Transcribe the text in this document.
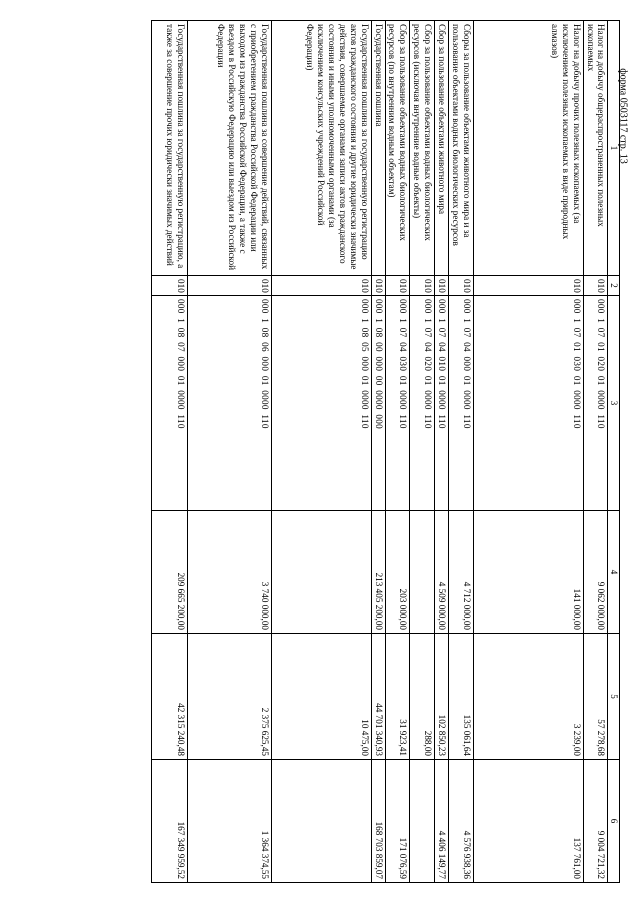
форма 0503117 стр. 13
1	2	3	4	5	6
Налог на добычу общераспространенных полезных ископаемых	010	000 1 07 01 020 01 0000 110	9 062 000,00	57 278,68	9 004 721,32
Налог на добычу прочих полезных ископаемых (за исключением полезных ископаемых в виде природных алмазов)	010	000 1 07 01 030 01 0000 110	141 000,00	3 239,00	137 761,00
Сборы за пользование объектами животного мира и за пользование объектами водных биологических ресурсов	010	000 1 07 04 000 01 0000 110	4 712 000,00	135 061,64	4 576 938,36
Сбор за пользование объектами животного мира	010	000 1 07 04 010 01 0000 110	4 509 000,00	102 850,23	4 406 149,77
Сбор за пользование объектами водных биологических ресурсов (исключая внутренние водные объекты)	010	000 1 07 04 020 01 0000 110		288,00	
Сбор за пользование объектами водных биологических ресурсов (по внутренним водным объектам)	010	000 1 07 04 030 01 0000 110	203 000,00	31 923,41	171 076,59
Государственная пошлина	010	000 1 08 00 000 00 0000 000	213 405 200,00	44 701 340,93	168 703 859,07
Государственная пошлина за государственную регистрацию актов гражданского состояния и другие юридически значимые действия, совершаемые органами записи актов гражданского состояния и иными уполномоченными органами (за исключением консульских учреждений Российской Федерации)	010	000 1 08 05 000 01 0000 110		10 475,00	
Государственная пошлина за совершение действий, связанных с приобретением гражданства Российской Федерации или выходом из гражданства Российской Федерации, а также с въездом в Российскую Федерацию или выездом из Российской Федерации	010	000 1 08 06 000 01 0000 110	3 740 000,00	2 375 625,45	1 364 374,55
Государственная пошлина за государственную регистрацию, а также за совершение прочих юридически значимых действий	010	000 1 08 07 000 01 0000 110	209 665 200,00	42 315 240,48	167 349 959,52
